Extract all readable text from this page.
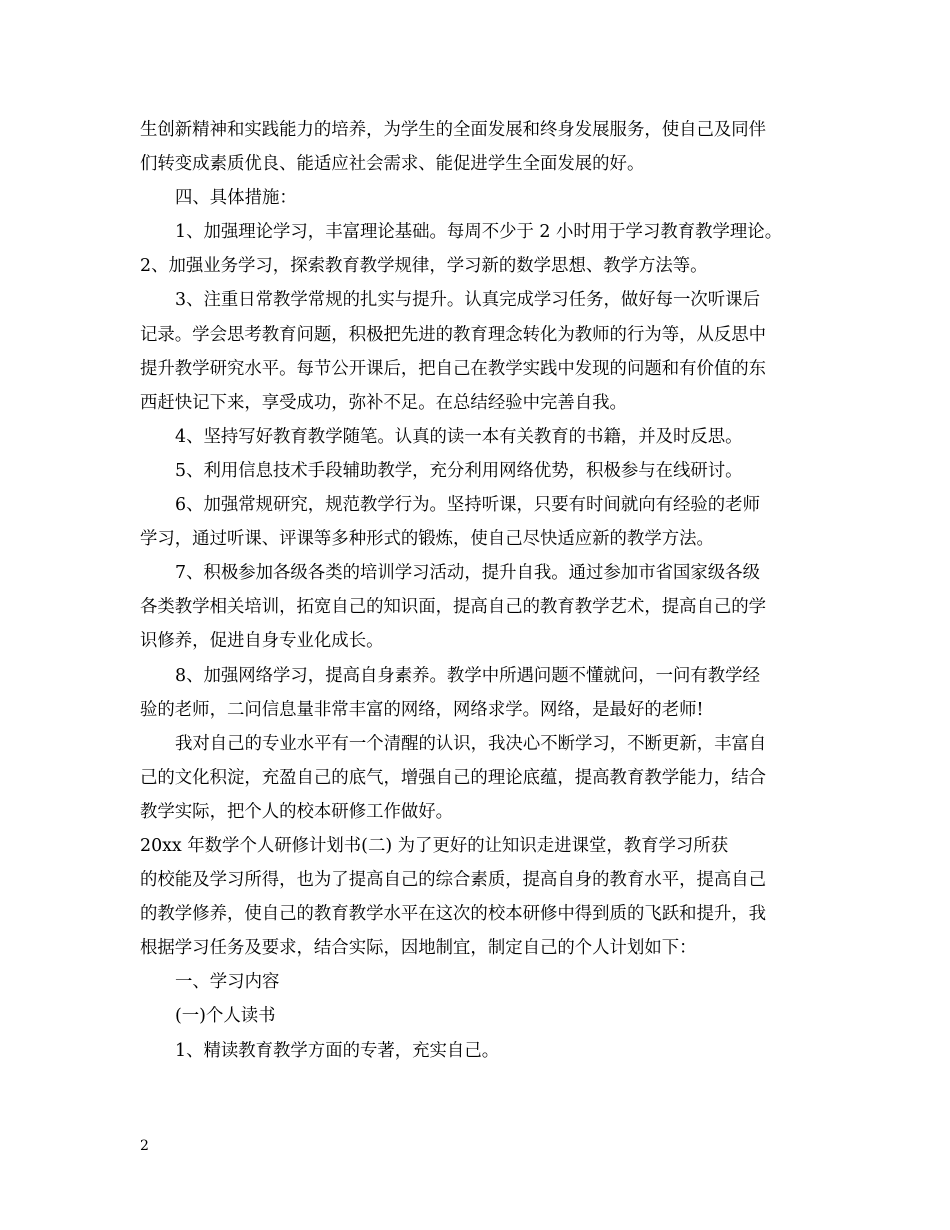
生创新精神和实践能力的培养，为学生的全面发展和终身发展服务，使自己及同伴
们转变成素质优良、能适应社会需求、能促进学生全面发展的好。
四、具体措施：
1、加强理论学习，丰富理论基础。每周不少于 2 小时用于学习教育教学理论。
2、加强业务学习，探索教育教学规律，学习新的数学思想、教学方法等。
3、注重日常教学常规的扎实与提升。认真完成学习任务，做好每一次听课后
记录。学会思考教育问题，积极把先进的教育理念转化为教师的行为等，从反思中
提升教学研究水平。每节公开课后，把自己在教学实践中发现的问题和有价值的东
西赶快记下来，享受成功，弥补不足。在总结经验中完善自我。
4、坚持写好教育教学随笔。认真的读一本有关教育的书籍，并及时反思。
5、利用信息技术手段辅助教学，充分利用网络优势，积极参与在线研讨。
6、加强常规研究，规范教学行为。坚持听课，只要有时间就向有经验的老师
学习，通过听课、评课等多种形式的锻炼，使自己尽快适应新的教学方法。
7、积极参加各级各类的培训学习活动，提升自我。通过参加市省国家级各级
各类教学相关培训，拓宽自己的知识面，提高自己的教育教学艺术，提高自己的学
识修养，促进自身专业化成长。
8、加强网络学习，提高自身素养。教学中所遇问题不懂就问，一问有教学经
验的老师，二问信息量非常丰富的网络，网络求学。网络，是最好的老师!
我对自己的专业水平有一个清醒的认识，我决心不断学习，不断更新，丰富自
己的文化积淀，充盈自己的底气，增强自己的理论底蕴，提高教育教学能力，结合
教学实际，把个人的校本研修工作做好。
20xx 年数学个人研修计划书(二) 为了更好的让知识走进课堂，教育学习所获
的校能及学习所得，也为了提高自己的综合素质，提高自身的教育水平，提高自己
的教学修养，使自己的教育教学水平在这次的校本研修中得到质的飞跃和提升，我
根据学习任务及要求，结合实际，因地制宜，制定自己的个人计划如下：
一、学习内容
(一)个人读书
1、精读教育教学方面的专著，充实自己。
2
